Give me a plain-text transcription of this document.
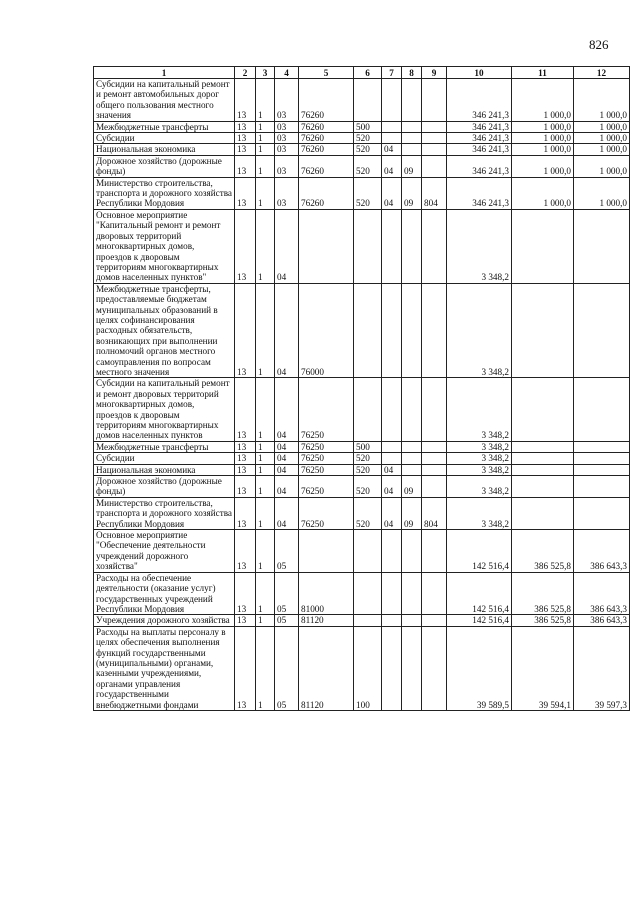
826
1	2	3	4	5	6	7	8	9	10	11	12
Субсидии на капитальный ремонт и ремонт автомобильных дорог общего пользования местного значения	13	1	03	76260					346 241,3	1 000,0	1 000,0
Межбюджетные трансферты	13	1	03	76260	500				346 241,3	1 000,0	1 000,0
Субсидии	13	1	03	76260	520				346 241,3	1 000,0	1 000,0
Национальная экономика	13	1	03	76260	520	04			346 241,3	1 000,0	1 000,0
Дорожное хозяйство (дорожные фонды)	13	1	03	76260	520	04	09		346 241,3	1 000,0	1 000,0
Министерство строительства, транспорта и дорожного хозяйства Республики Мордовия	13	1	03	76260	520	04	09	804	346 241,3	1 000,0	1 000,0
Основное мероприятие "Капитальный ремонт и ремонт дворовых территорий многоквартирных домов, проездов к дворовым территориям многоквартирных домов населенных пунктов"	13	1	04						3 348,2		
Межбюджетные трансферты, предоставляемые бюджетам муниципальных образований в целях софинансирования расходных обязательств, возникающих при выполнении полномочий органов местного самоуправления по вопросам местного значения	13	1	04	76000					3 348,2		
Субсидии на капитальный ремонт и ремонт дворовых территорий многоквартирных домов, проездов к дворовым территориям многоквартирных домов населенных пунктов	13	1	04	76250					3 348,2		
Межбюджетные трансферты	13	1	04	76250	500				3 348,2		
Субсидии	13	1	04	76250	520				3 348,2		
Национальная экономика	13	1	04	76250	520	04			3 348,2		
Дорожное хозяйство (дорожные фонды)	13	1	04	76250	520	04	09		3 348,2		
Министерство строительства, транспорта и дорожного хозяйства Республики Мордовия	13	1	04	76250	520	04	09	804	3 348,2		
Основное мероприятие "Обеспечение деятельности учреждений дорожного хозяйства"	13	1	05						142 516,4	386 525,8	386 643,3
Расходы на обеспечение деятельности (оказание услуг) государственных учреждений Республики Мордовия	13	1	05	81000					142 516,4	386 525,8	386 643,3
Учреждения дорожного хозяйства	13	1	05	81120					142 516,4	386 525,8	386 643,3
Расходы на выплаты персоналу в целях обеспечения выполнения функций государственными (муниципальными) органами, казенными учреждениями, органами управления государственными внебюджетными фондами	13	1	05	81120	100				39 589,5	39 594,1	39 597,3
